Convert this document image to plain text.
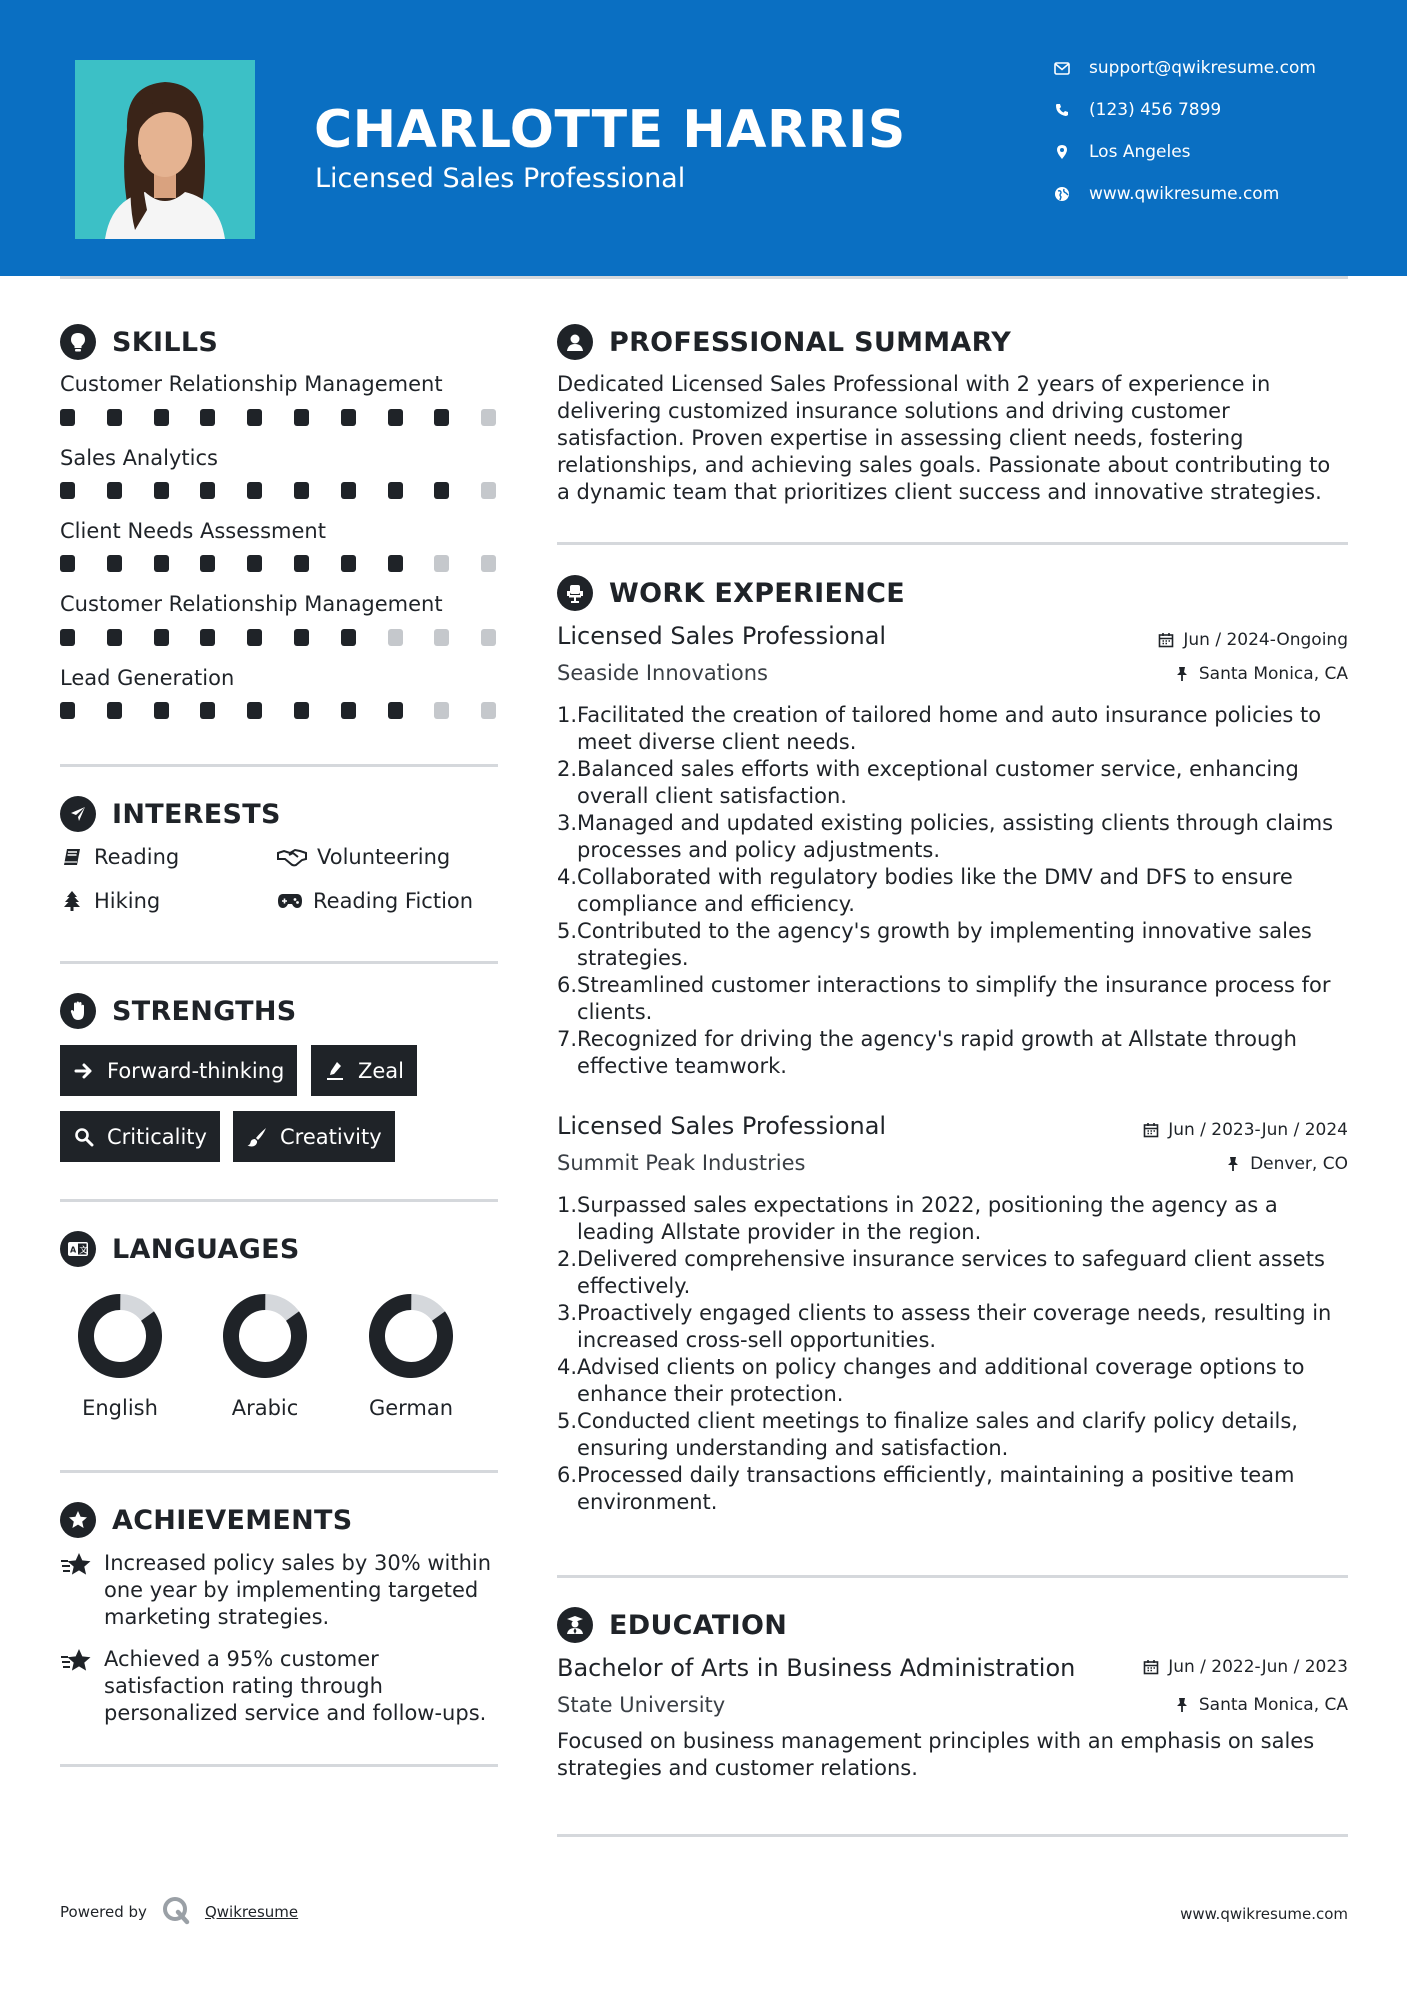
CHARLOTTE HARRIS
Licensed Sales Professional
support@qwikresume.com
(123) 456 7899
Los Angeles
www.qwikresume.com
SKILLS
Customer Relationship Management
Sales Analytics
Client Needs Assessment
Customer Relationship Management
Lead Generation
INTERESTS
Reading	Volunteering
Hiking	Reading Fiction
STRENGTHS
Forward-thinking	Zeal
Criticality	Creativity
A 文 LANGUAGES
English	Arabic	German
ACHIEVEMENTS
Increased policy sales by 30% within one year by implementing targeted marketing strategies.
Achieved a 95% customer satisfaction rating through personalized service and follow-ups.
PROFESSIONAL SUMMARY
Dedicated Licensed Sales Professional with 2 years of experience in delivering customized insurance solutions and driving customer satisfaction. Proven expertise in assessing client needs, fostering relationships, and achieving sales goals. Passionate about contributing to a dynamic team that prioritizes client success and innovative strategies.
WORK EXPERIENCE
Licensed Sales Professional	Jun / 2024-Ongoing
Seaside Innovations	Santa Monica, CA
1. Facilitated the creation of tailored home and auto insurance policies to meet diverse client needs.
2. Balanced sales efforts with exceptional customer service, enhancing overall client satisfaction.
3. Managed and updated existing policies, assisting clients through claims processes and policy adjustments.
4. Collaborated with regulatory bodies like the DMV and DFS to ensure compliance and efficiency.
5. Contributed to the agency's growth by implementing innovative sales strategies.
6. Streamlined customer interactions to simplify the insurance process for clients.
7. Recognized for driving the agency's rapid growth at Allstate through effective teamwork.
Licensed Sales Professional	Jun / 2023-Jun / 2024
Summit Peak Industries	Denver, CO
1. Surpassed sales expectations in 2022, positioning the agency as a leading Allstate provider in the region.
2. Delivered comprehensive insurance services to safeguard client assets effectively.
3. Proactively engaged clients to assess their coverage needs, resulting in increased cross-sell opportunities.
4. Advised clients on policy changes and additional coverage options to enhance their protection.
5. Conducted client meetings to finalize sales and clarify policy details, ensuring understanding and satisfaction.
6. Processed daily transactions efficiently, maintaining a positive team environment.
EDUCATION
Bachelor of Arts in Business Administration	Jun / 2022-Jun / 2023
State University	Santa Monica, CA
Focused on business management principles with an emphasis on sales strategies and customer relations.
Powered by	Qwikresume	www.qwikresume.com
